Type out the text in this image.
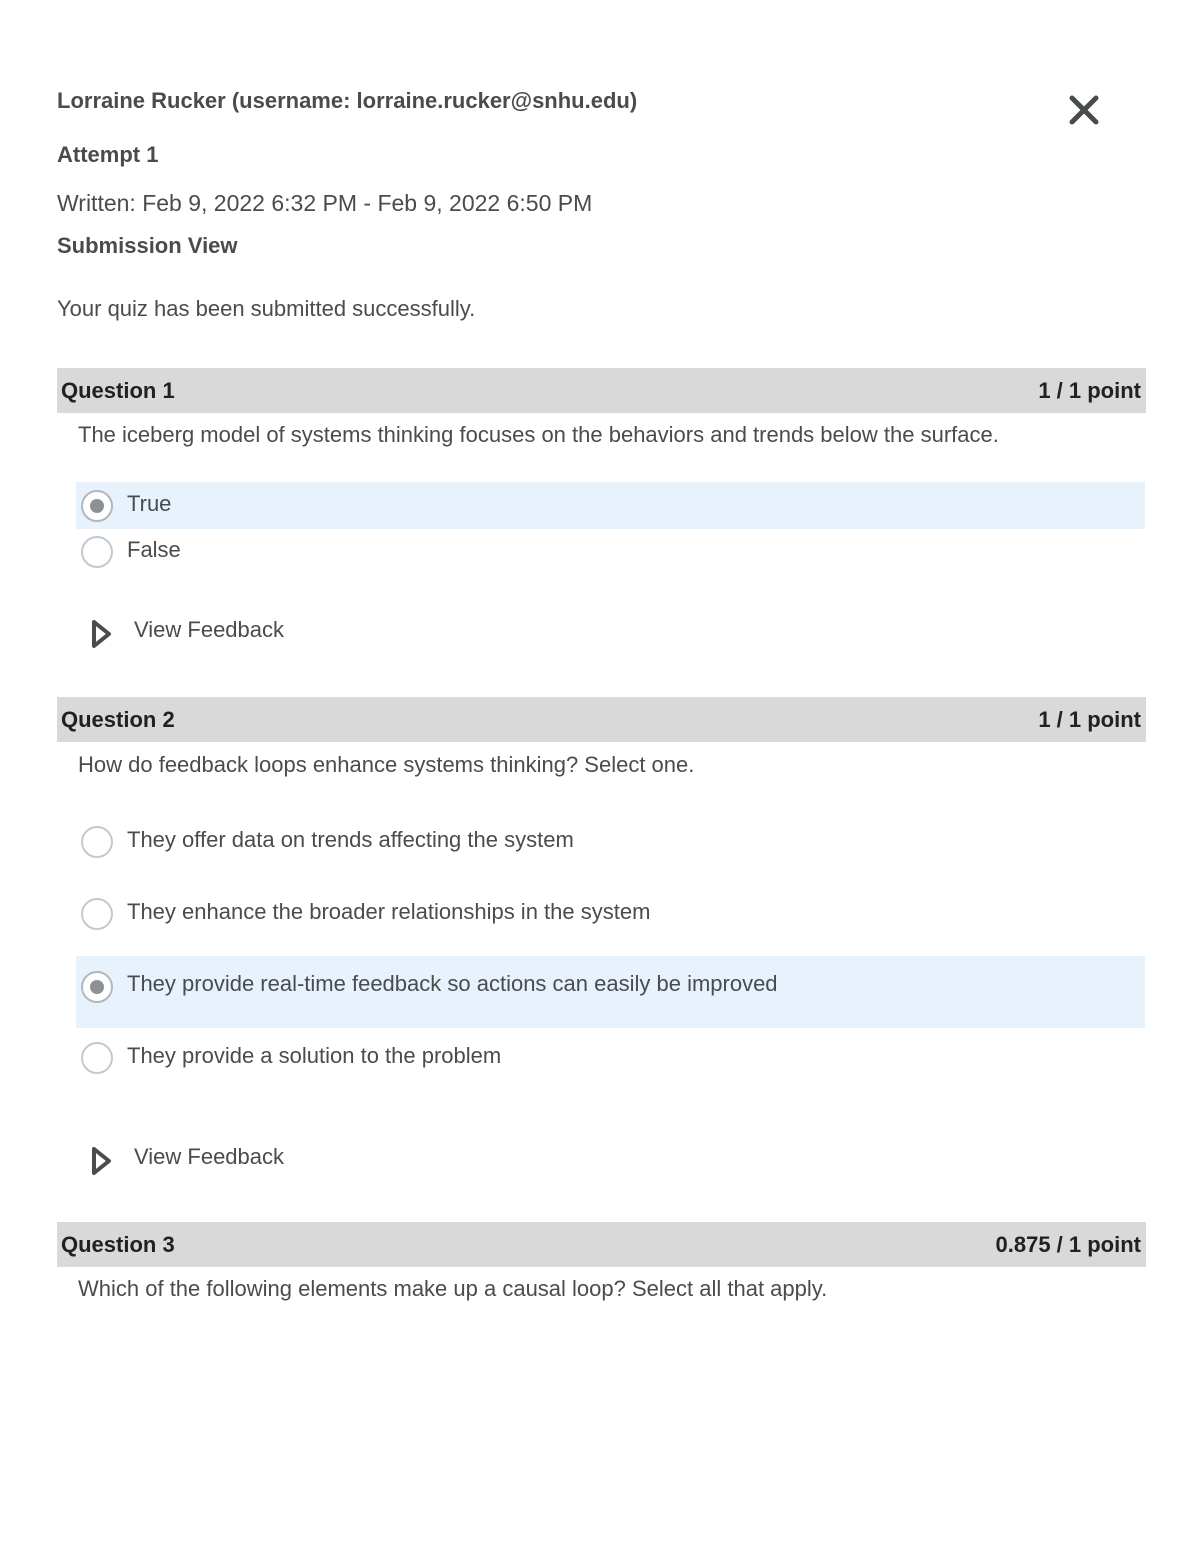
Lorraine Rucker (username: lorraine.rucker@snhu.edu)
Attempt 1
Written: Feb 9, 2022 6:32 PM - Feb 9, 2022 6:50 PM
Submission View
Your quiz has been submitted successfully.
Question 1	1 / 1 point
The iceberg model of systems thinking focuses on the behaviors and trends below the surface.
True
False
View Feedback
Question 2	1 / 1 point
How do feedback loops enhance systems thinking? Select one.
They offer data on trends affecting the system
They enhance the broader relationships in the system
They provide real-time feedback so actions can easily be improved
They provide a solution to the problem
View Feedback
Question 3	0.875 / 1 point
Which of the following elements make up a causal loop? Select all that apply.
